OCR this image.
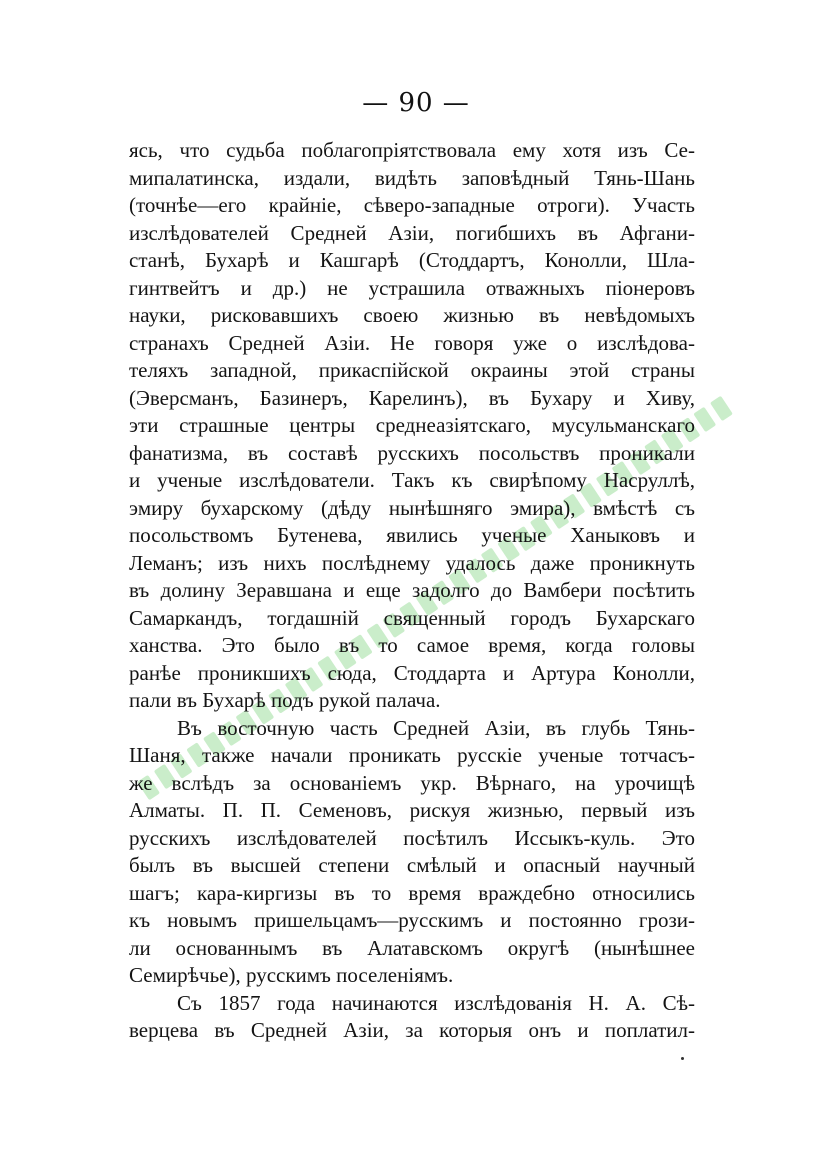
— 90 —
ясь, что судьба поблагопріятствовала ему хотя изъ Се-
мипалатинска, издали, видѣть заповѣдный Тянь-Шань
(точнѣе—его крайніе, сѣверо-западные отроги). Участь
изслѣдователей Средней Азіи, погибшихъ въ Афгани-
станѣ, Бухарѣ и Кашгарѣ (Стоддартъ, Конолли, Шла-
гинтвейтъ и др.) не устрашила отважныхъ піонеровъ
науки, рисковавшихъ своею жизнью въ невѣдомыхъ
странахъ Средней Азіи. Не говоря уже о изслѣдова-
теляхъ западной, прикаспійской окраины этой страны
(Эверсманъ, Базинеръ, Карелинъ), въ Бухару и Хиву,
эти страшные центры среднеазіятскаго, мусульманскаго
фанатизма, въ составѣ русскихъ посольствъ проникали
и ученые изслѣдователи. Такъ къ свирѣпому Насруллѣ,
эмиру бухарскому (дѣду нынѣшняго эмира), вмѣстѣ съ
посольствомъ Бутенева, явились ученые Ханыковъ и
Леманъ; изъ нихъ послѣднему удалось даже проникнуть
въ долину Зеравшана и еще задолго до Вамбери посѣтить
Самаркандъ, тогдашній священный городъ Бухарскаго
ханства. Это было въ то самое время, когда головы
ранѣе проникшихъ сюда, Стоддарта и Артура Конолли,
пали въ Бухарѣ подъ рукой палача.
Въ восточную часть Средней Азіи, въ глубь Тянь-
Шаня, также начали проникать русскіе ученые тотчасъ-
же вслѣдъ за основаніемъ укр. Вѣрнаго, на урочищѣ
Алматы. П. П. Семеновъ, рискуя жизнью, первый изъ
русскихъ изслѣдователей посѣтилъ Иссыкъ-куль. Это
былъ въ высшей степени смѣлый и опасный научный
шагъ; кара-киргизы въ то время враждебно относились
къ новымъ пришельцамъ—русскимъ и постоянно грози-
ли основаннымъ въ Алатавскомъ округѣ (нынѣшнее
Семирѣчье), русскимъ поселеніямъ.
Съ 1857 года начинаются изслѣдованія Н. А. Сѣ-
верцева въ Средней Азіи, за которыя онъ и поплатил-
